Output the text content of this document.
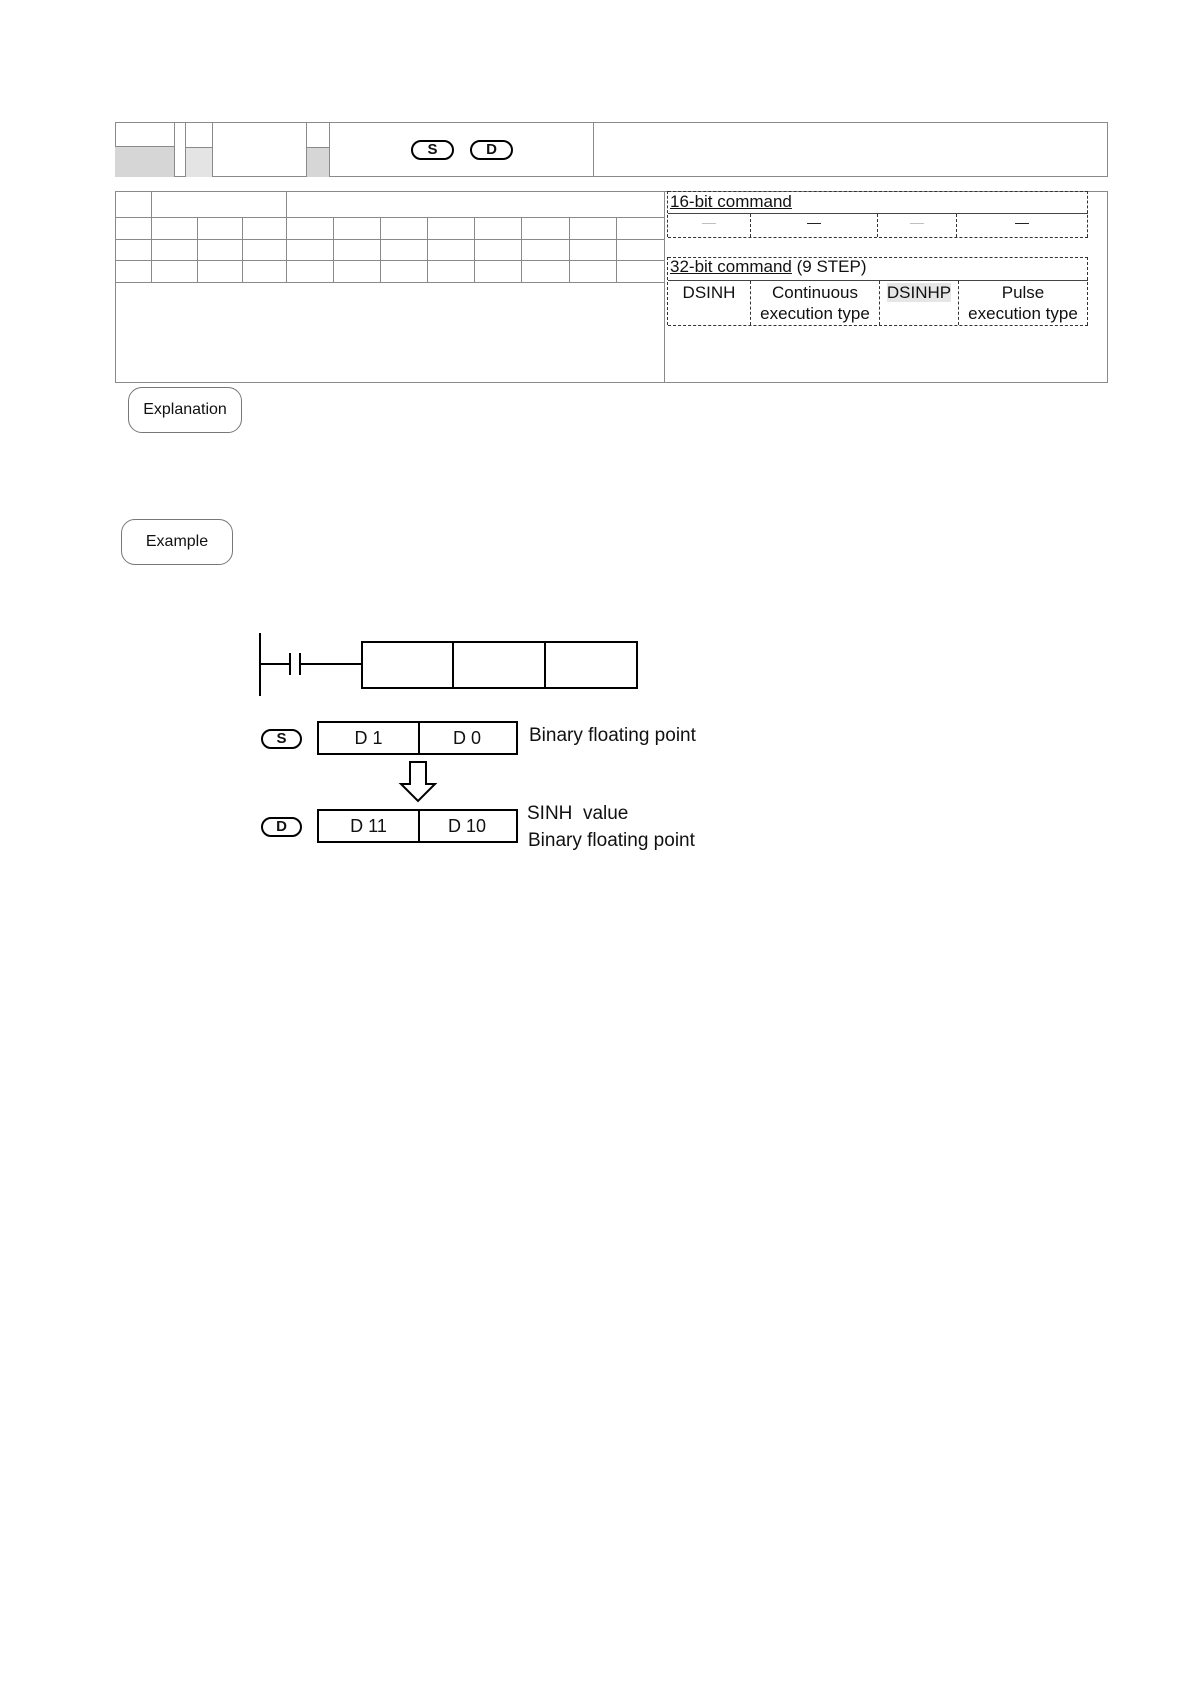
S	D
16-bit command
—	—	—	—
32-bit command (9 STEP)
DSINH	Continuous
execution type
DSINHP	Pulse
execution type
Explanation
Example
S	D 1	D 0	Binary floating point
D	D 11	D 10
SINH  value
Binary floating point
